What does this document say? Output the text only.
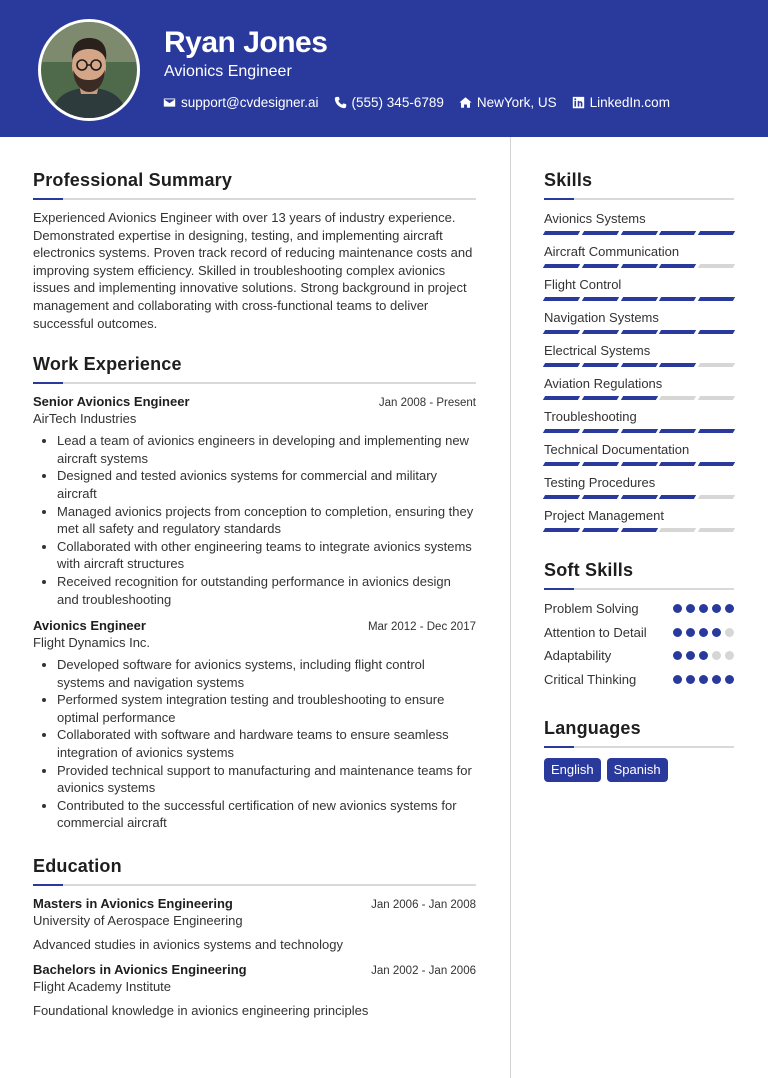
Ryan Jones
Avionics Engineer
support@cvdesigner.ai (555) 345-6789 NewYork, US LinkedIn.com
Professional Summary

Experienced Avionics Engineer with over 13 years of industry experience. Demonstrated expertise in designing, testing, and implementing aircraft electronics systems. Proven track record of reducing maintenance costs and improving system efficiency. Skilled in troubleshooting complex avionics issues and implementing innovative solutions. Strong background in project management and collaborating with cross-functional teams to deliver successful outcomes.

Work Experience
Senior Avionics Engineer	Jan 2008 - Present
AirTech Industries
Lead a team of avionics engineers in developing and implementing new aircraft systems
Designed and tested avionics systems for commercial and military aircraft
Managed avionics projects from conception to completion, ensuring they met all safety and regulatory standards
Collaborated with other engineering teams to integrate avionics systems with aircraft structures
Received recognition for outstanding performance in avionics design and troubleshooting
Avionics Engineer	Mar 2012 - Dec 2017
Flight Dynamics Inc.
Developed software for avionics systems, including flight control systems and navigation systems
Performed system integration testing and troubleshooting to ensure optimal performance
Collaborated with software and hardware teams to ensure seamless integration of avionics systems
Provided technical support to manufacturing and maintenance teams for avionics systems
Contributed to the successful certification of new avionics systems for commercial aircraft
Education
Masters in Avionics Engineering	Jan 2006 - Jan 2008
University of Aerospace Engineering
Advanced studies in avionics systems and technology
Bachelors in Avionics Engineering	Jan 2002 - Jan 2006
Flight Academy Institute
Foundational knowledge in avionics engineering principles
Skills
Avionics Systems
Aircraft Communication
Flight Control
Navigation Systems
Electrical Systems
Aviation Regulations
Troubleshooting
Technical Documentation
Testing Procedures
Project Management
Soft Skills
Problem Solving
Attention to Detail
Adaptability
Critical Thinking
Languages
English	Spanish
